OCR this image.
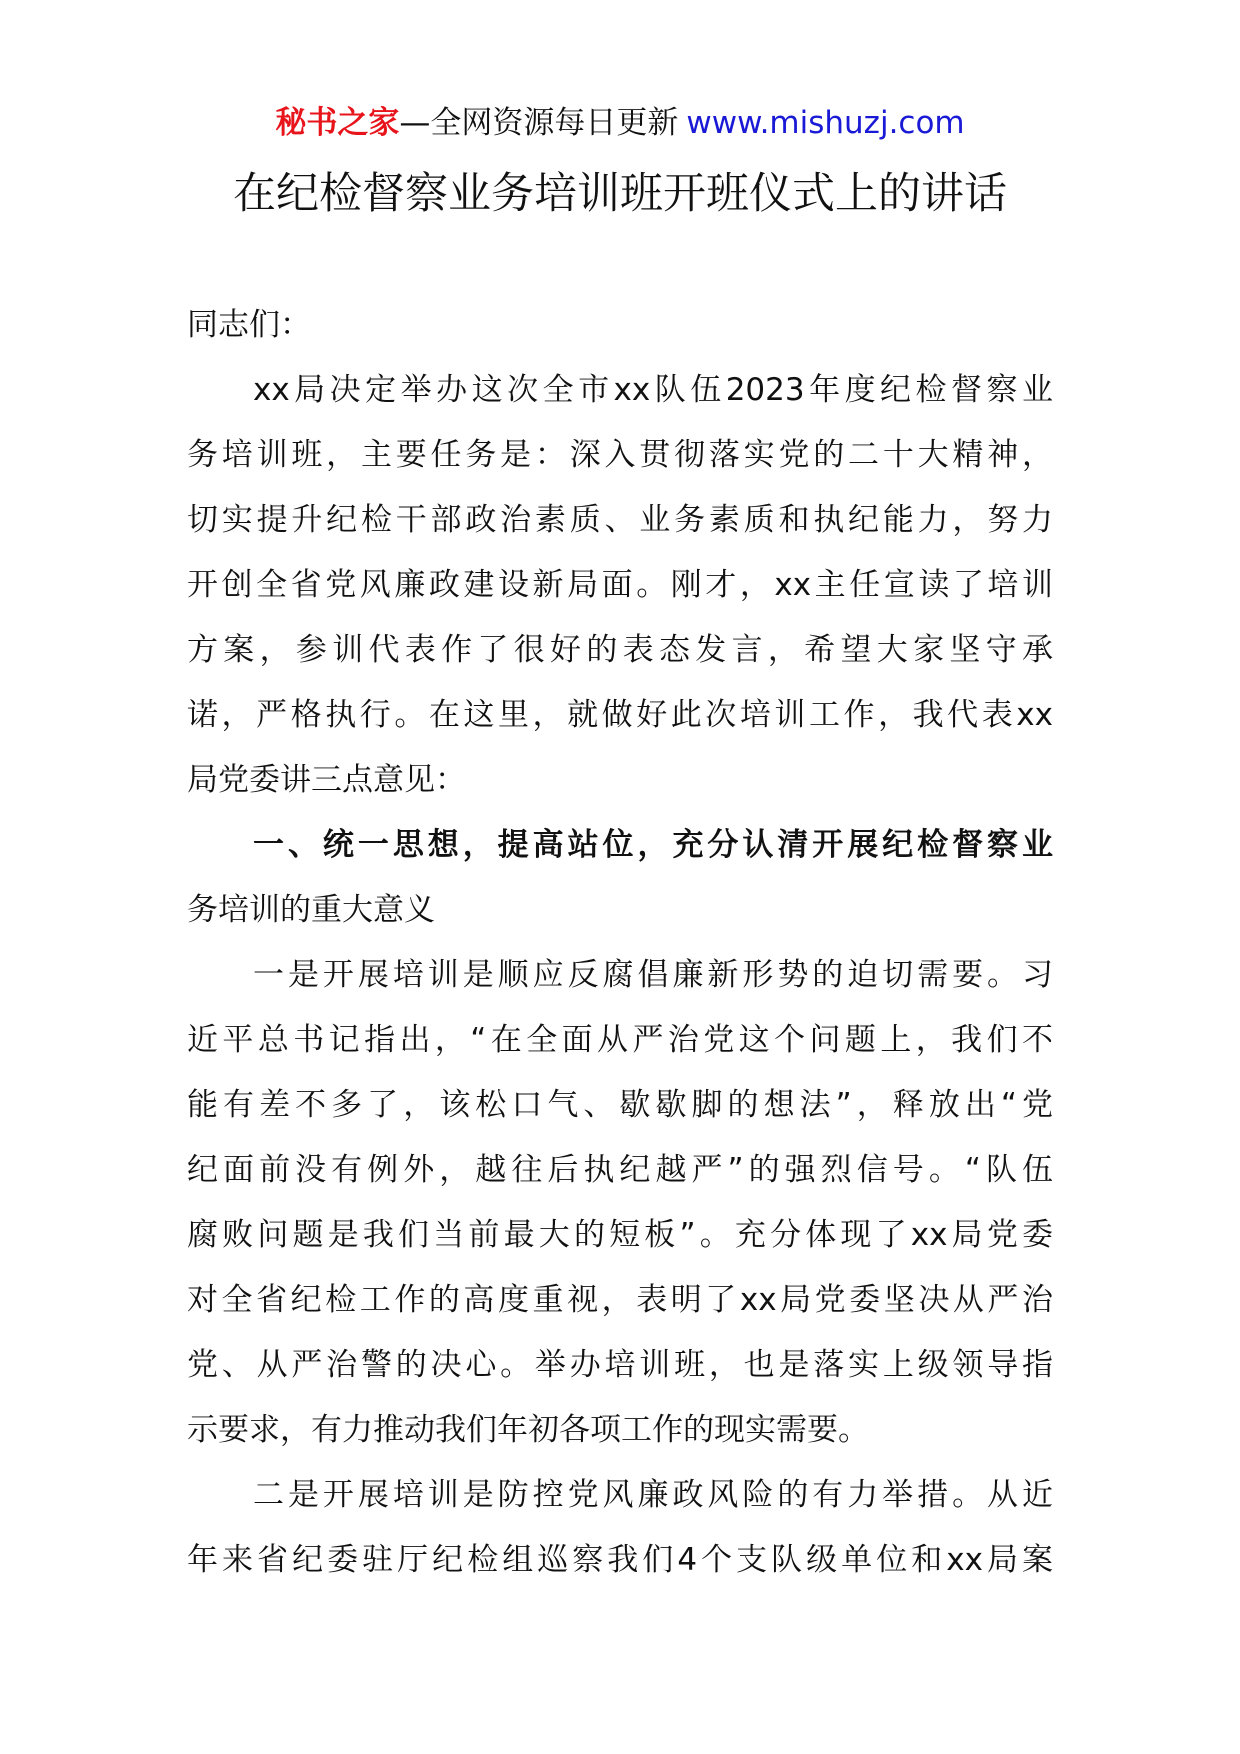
秘书之家—全网资源每日更新 www.mishuzj.com
在纪检督察业务培训班开班仪式上的讲话
同志们：
xx局决定举办这次全市xx队伍2023年度纪检督察业
务培训班，主要任务是：深入贯彻落实党的二十大精神，
切实提升纪检干部政治素质、业务素质和执纪能力，努力
开创全省党风廉政建设新局面。刚才，xx主任宣读了培训
方案，参训代表作了很好的表态发言，希望大家坚守承
诺，严格执行。在这里，就做好此次培训工作，我代表xx
局党委讲三点意见：
一、统一思想，提高站位，充分认清开展纪检督察业
务培训的重大意义
一是开展培训是顺应反腐倡廉新形势的迫切需要。习
近平总书记指出，“在全面从严治党这个问题上，我们不
能有差不多了，该松口气、歇歇脚的想法”，释放出“党
纪面前没有例外，越往后执纪越严”的强烈信号。“队伍
腐败问题是我们当前最大的短板”。充分体现了xx局党委
对全省纪检工作的高度重视，表明了xx局党委坚决从严治
党、从严治警的决心。举办培训班，也是落实上级领导指
示要求，有力推动我们年初各项工作的现实需要。
二是开展培训是防控党风廉政风险的有力举措。从近
年来省纪委驻厅纪检组巡察我们4个支队级单位和xx局案
